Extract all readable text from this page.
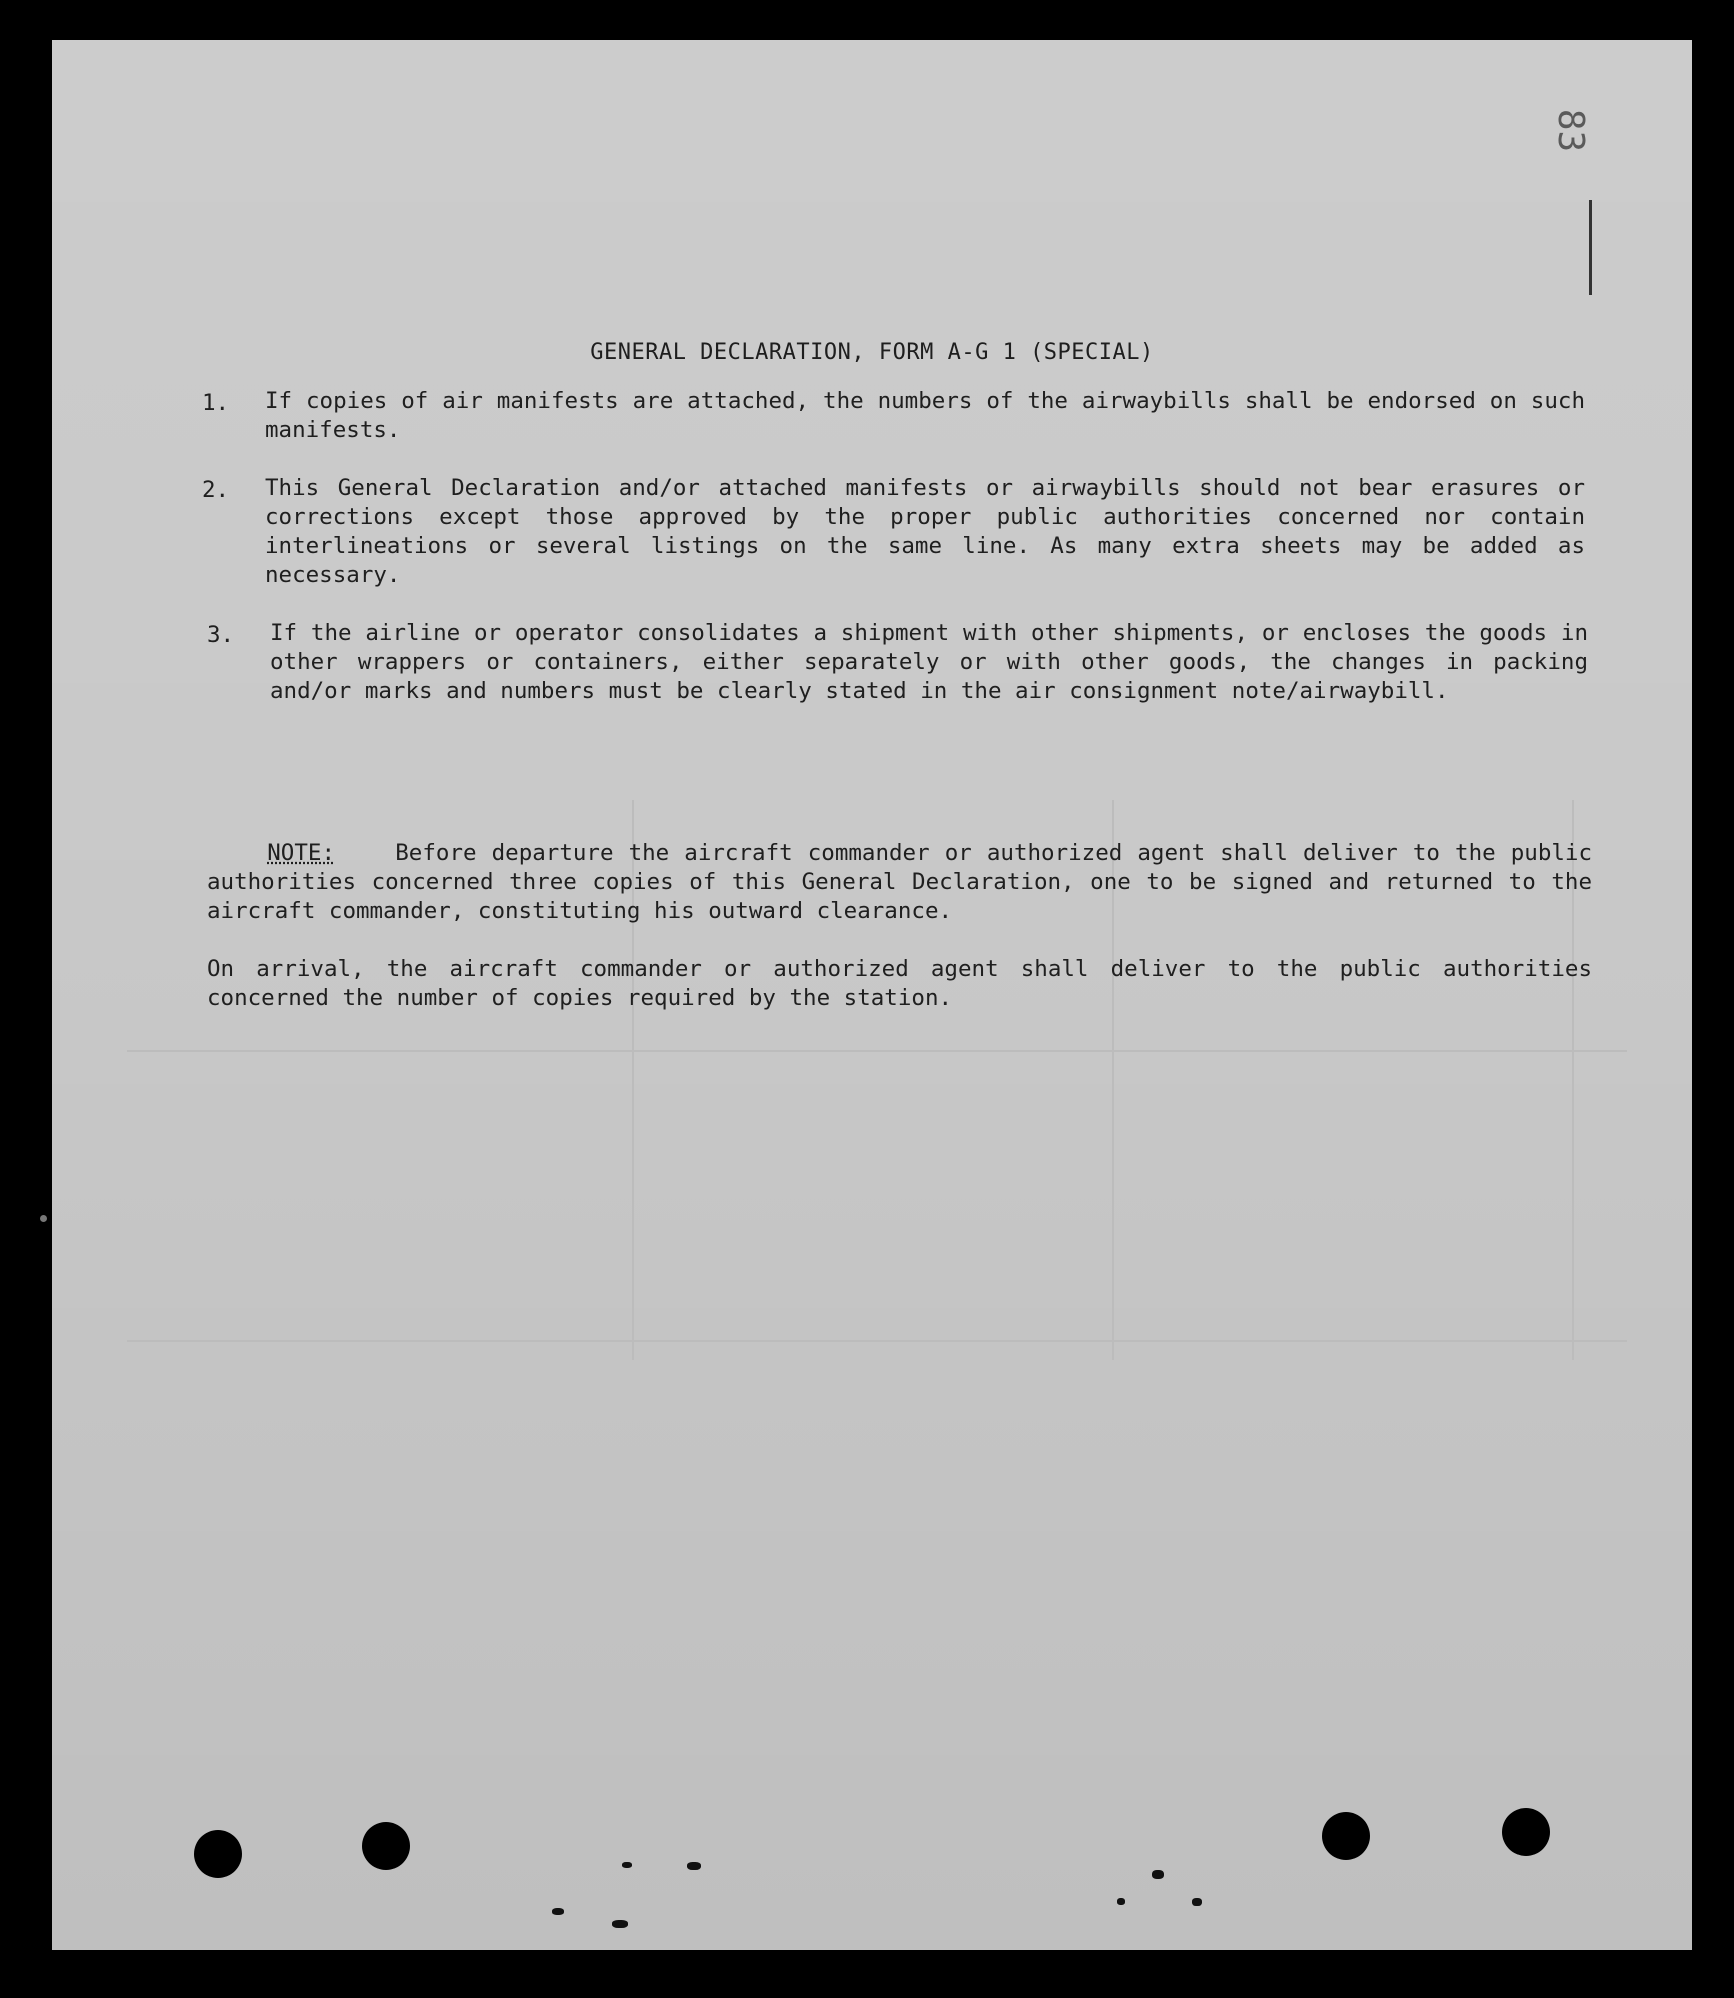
83
GENERAL DECLARATION, FORM A-G 1 (SPECIAL)
1. If copies of air manifests are attached, the numbers of the airwaybills shall be endorsed on such manifests.
2. This General Declaration and/or attached manifests or airwaybills should not bear erasures or corrections except those approved by the proper public authorities concerned nor contain interlineations or several listings on the same line. As many extra sheets may be added as necessary.
3. If the airline or operator consolidates a shipment with other shipments, or encloses the goods in other wrappers or containers, either separately or with other goods, the changes in packing and/or marks and numbers must be clearly stated in the air consignment note/airwaybill.

NOTE:	Before departure the aircraft commander or authorized agent shall deliver to the public authorities concerned three copies of this General Declaration, one to be signed and returned to the aircraft commander, constituting his outward clearance.

On arrival, the aircraft commander or authorized agent shall deliver to the public authorities concerned the number of copies required by the station.
